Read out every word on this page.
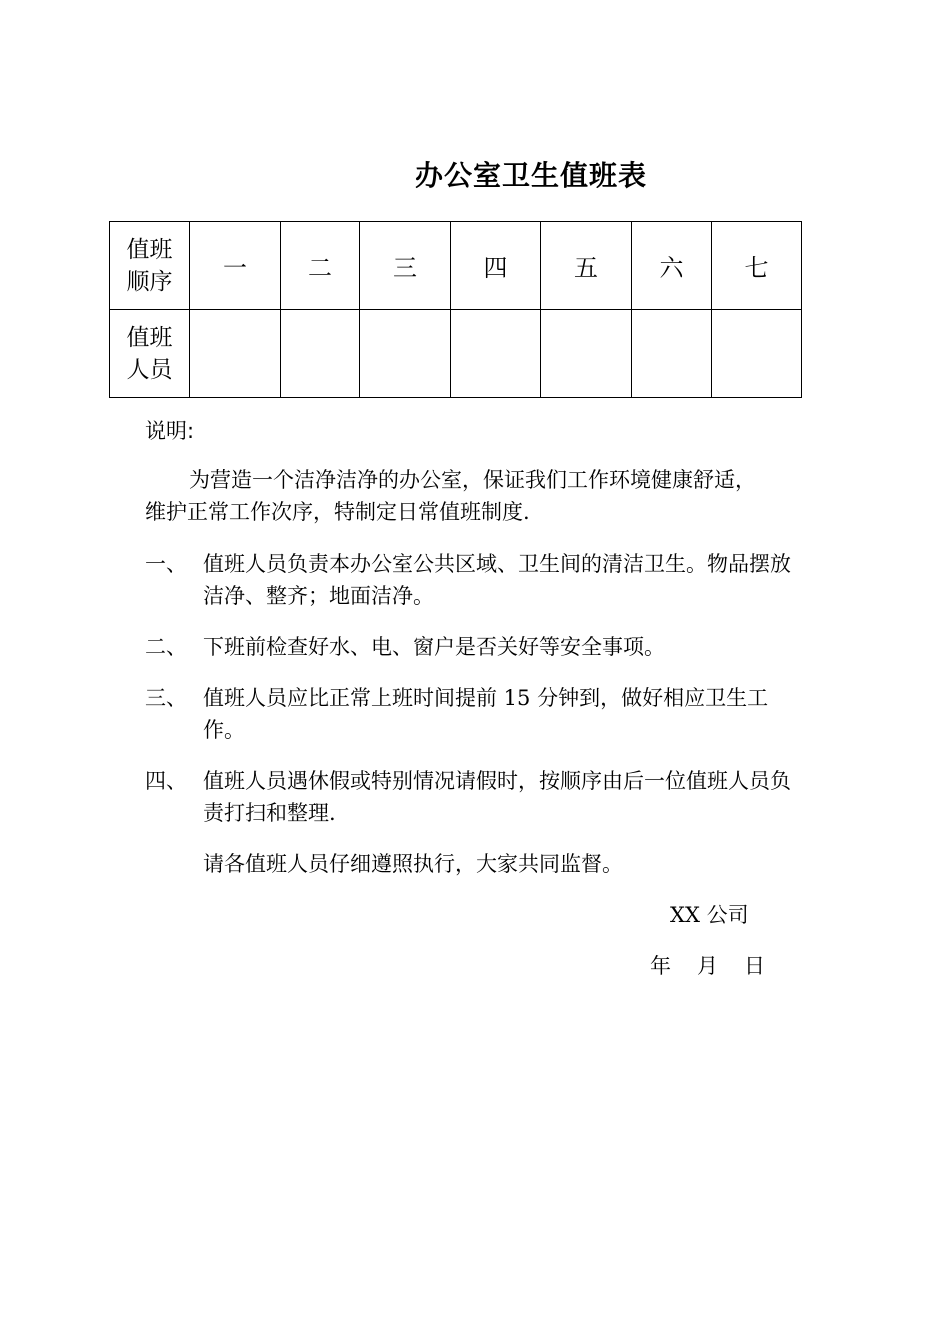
办公室卫生值班表
值班
顺序	一	二	三	四	五	六	七

值班
人员							

说明:
为营造一个洁净洁净的办公室，保证我们工作环境健康舒适，
维护正常工作次序，特制定日常值班制度.
一、 值班人员负责本办公室公共区域、卫生间的清洁卫生。物品摆放洁净、整齐；地面洁净。
二、 下班前检查好水、电、窗户是否关好等安全事项。
三、 值班人员应比正常上班时间提前 15 分钟到，做好相应卫生工作。
四、 值班人员遇休假或特别情况请假时，按顺序由后一位值班人员负责打扫和整理.
请各值班人员仔细遵照执行，大家共同监督。
XX 公司
年 月 日
